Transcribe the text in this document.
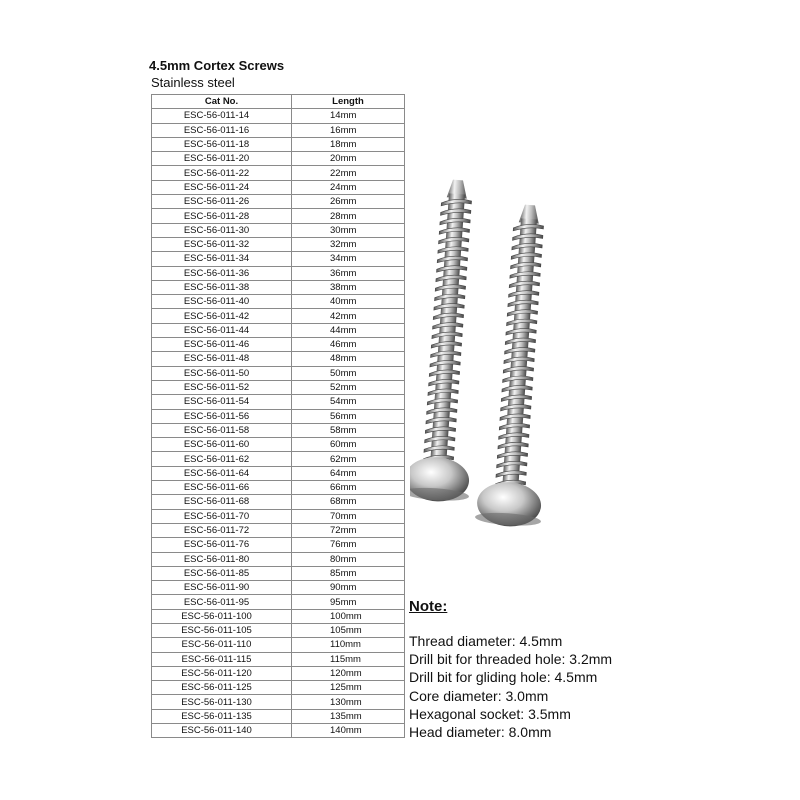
4.5mm Cortex Screws
Stainless steel
Cat No.	Length
ESC-56-011-14	14mm
ESC-56-011-16	16mm
ESC-56-011-18	18mm
ESC-56-011-20	20mm
ESC-56-011-22	22mm
ESC-56-011-24	24mm
ESC-56-011-26	26mm
ESC-56-011-28	28mm
ESC-56-011-30	30mm
ESC-56-011-32	32mm
ESC-56-011-34	34mm
ESC-56-011-36	36mm
ESC-56-011-38	38mm
ESC-56-011-40	40mm
ESC-56-011-42	42mm
ESC-56-011-44	44mm
ESC-56-011-46	46mm
ESC-56-011-48	48mm
ESC-56-011-50	50mm
ESC-56-011-52	52mm
ESC-56-011-54	54mm
ESC-56-011-56	56mm
ESC-56-011-58	58mm
ESC-56-011-60	60mm
ESC-56-011-62	62mm
ESC-56-011-64	64mm
ESC-56-011-66	66mm
ESC-56-011-68	68mm
ESC-56-011-70	70mm
ESC-56-011-72	72mm
ESC-56-011-76	76mm
ESC-56-011-80	80mm
ESC-56-011-85	85mm
ESC-56-011-90	90mm
ESC-56-011-95	95mm
ESC-56-011-100	100mm
ESC-56-011-105	105mm
ESC-56-011-110	110mm
ESC-56-011-115	115mm
ESC-56-011-120	120mm
ESC-56-011-125	125mm
ESC-56-011-130	130mm
ESC-56-011-135	135mm
ESC-56-011-140	140mm
Note:
Thread diameter: 4.5mm
Drill bit for threaded hole: 3.2mm
Drill bit for gliding hole: 4.5mm
Core diameter: 3.0mm
Hexagonal socket: 3.5mm
Head diameter: 8.0mm
